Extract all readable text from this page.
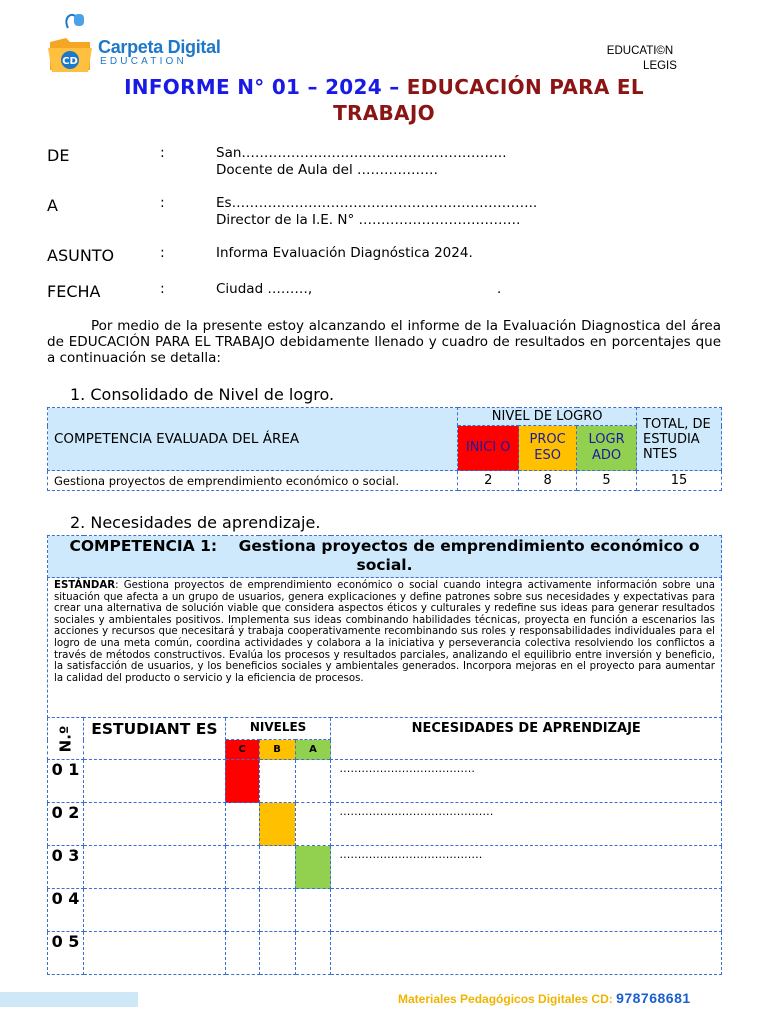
CD
Carpeta Digital
EDUCATION
EDUCATI©N
LEGIS
INFORME N° 01 – 2024 – EDUCACIÓN PARA EL
TRABAJO
DE	:	San…………………………………………………..
Docente de Aula del ………………
A	:	Es…………………………………………………………..
Director de la I.E. N° ………………………………
ASUNTO	:	Informa Evaluación Diagnóstica 2024.
FECHA	:	Ciudad ………,	.
Por medio de la presente estoy alcanzando el informe de la Evaluación Diagnostica del área de EDUCACIÓN PARA EL TRABAJO debidamente llenado y cuadro de resultados en porcentajes que a continuación se detalla:
1. Consolidado de Nivel de logro.
COMPETENCIA EVALUADA DEL ÁREA	NIVEL DE LOGRO			TOTAL, DE ESTUDIA NTES
	INICI O	PROC ESO	LOGR ADO	
Gestiona proyectos de emprendimiento económico o social.	2	8	5	15
2. Necesidades de aprendizaje.
COMPETENCIA 1: Gestiona proyectos de emprendimiento económico o social.					
ESTÁNDAR: Gestiona proyectos de emprendimiento económico o social cuando integra activamente información sobre una situación que afecta a un grupo de usuarios, genera explicaciones y define patrones sobre sus necesidades y expectativas para crear una alternativa de solución viable que considera aspectos éticos y culturales y redefine sus ideas para generar resultados sociales y ambientales positivos. Implementa sus ideas combinando habilidades técnicas, proyecta en función a escenarios las acciones y recursos que necesitará y trabaja cooperativamente recombinando sus roles y responsabilidades individuales para el logro de una meta común, coordina actividades y colabora a la iniciativa y perseverancia colectiva resolviendo los conflictos a través de métodos constructivos. Evalúa los procesos y resultados parciales, analizando el equilibrio entre inversión y beneficio, la satisfacción de usuarios, y los beneficios sociales y ambientales generados. Incorpora mejoras en el proyecto para aumentar la calidad del producto o servicio y la eficiencia de procesos.					

N.º	ESTUDIANT ES	NIVELES			NECESIDADES DE APRENDIZAJE
		C	B	A	
0 1					……………………………….
0 2					……………………………………
0 3					…………………………………
0 4					
0 5					
Materiales Pedagógicos Digitales CD: 978768681
